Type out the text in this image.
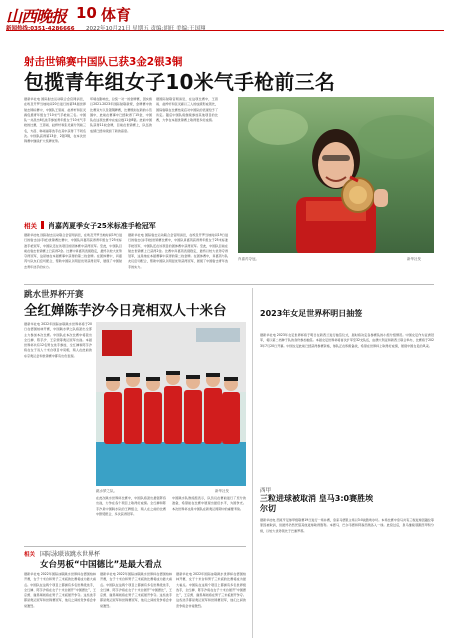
山西晚报 10 体育
新闻热线:0351-4286666 2022年10月21日 星期五 责编:胡旺 美编:王国翔
射击世锦赛中国队已获3金2银3铜
包揽青年组女子10米气手枪前三名
据新华社电 国际射击运动联合会官网消息，在埃及开罗当地时间20日进行的第54届世界射击锦标赛中，中国队王思雨、赵梓轩和张灵霖包揽青年组女子10米气手枪前三名。中国队一共派出6名选手参加青年组女子10米气手枪的比赛，王思雨、赵梓轩和张灵霖分列前三名，方蓓、韩雨丽等选手在其中获得了不同名次。中国队获得第13金、2银3铜，在本次世锦赛中继续扩大奖牌优势。
环境在影响比，总统一对一的金牌赛，因实施以2021-2023年国际射联新规，金牌赛中的比赛双方以及银铜牌赛，比赛规则在新的小范围中，此前在赛事中已经取得了15金，中国队在这项比赛中完成总数11金8银。此前中国队获得11枚金牌，目前在世锦赛上，队伍的成绩已经持续到了新的高度。
据国际射联官网消息，在这项比赛中，王思雨、赵梓轩和张灵霖以三人的成绩形成领先，国际射联在比赛结束后对中国队的表现给予了肯定。随后中国队将继续参加其他项目的比赛，力争在本届世锦赛上取得更多好成绩。
肖嘉芮夺冠。	新华社发
相关 肖嘉芮夏季女子25米标准手枪冠军
据新华社电 国际射击运动联合会官网消息，在埃及开罗当地时间19日进行的射击(步手枪)世锦赛比赛中，中国队肖嘉芮获得青年组女子25米标准手枪冠军，中国队还在该项目的团体赛中获得冠军。至此，中国队目前在射击世锦赛上已获得2金。比赛中肖嘉芮表现稳定，最终以较大优势夺得冠军，这是她在本届赛事中获得的第二枚金牌。在团体赛中，肖嘉芮与队友们密切配合，帮助中国队以明显优势获得冠军，展现了中国射击青年选手的实力。
据新华社电 国际射击运动联合会官网消息，在埃及开罗当地时间19日进行的射击(步手枪)世锦赛比赛中，中国队肖嘉芮获得青年组女子25米标准手枪冠军，中国队还在该项目的团体赛中获得冠军。至此，中国队目前在射击世锦赛上已获得2金。比赛中肖嘉芮表现稳定，最终以较大优势夺得冠军，这是她在本届赛事中获得的第二枚金牌。在团体赛中，肖嘉芮与队友们密切配合，帮助中国队以明显优势获得冠军，展现了中国射击青年选手的实力。
跳水世界杯开赛
全红婵陈芋汐今日亮相双人十米台
据新华社电 2022年国际泳联跳水世界杯将于20日在德国柏林开赛，中国跳水梦之队将派出全部主力参加本次比赛。中国队在本次比赛中将派出全红婵、陈芋汐、王宗源等奥运冠军出战。本届世界杯共有12名男女选手参加，全红婵和陈芋汐将在女子双人十米台项目中亮相，两人在此前的东京奥运会和世锦赛中都有出色表现。
跳水梦之队。	新华社发
在此次跳水世界杯比赛中，中国队将派出最强阵容出战，力争在各个项目上取得好成绩。全红婵和陈芋汐是中国跳水队的王牌组合，两人在之前的比赛中默契配合，多次获得冠军。
中国跳水队教练组表示，队员们在赛前进行了充分的准备，希望能在比赛中展现出最佳水平，为国争光。本次世界杯也是中国队在新奥运周期中的重要考验。
相关 国际泳联该跳水世界杯
女台男板“中国德比”是最大看点
据新华社电 2022年国际泳联跳水世界杯在德国柏林开赛，女子十米台和男子三米板的比赛将成为最大看点。中国队在这两个项目上都拥有多名世界级选手，全红婵、陈芋汐将在女子十米台展开“中国德比”，王宗源、谢思埸则将在男子三米板展开争夺。这些选手都是奥运冠军和世锦赛冠军，他们之间的竞争将会非常激烈。
据新华社电 2022年国际泳联跳水世界杯在德国柏林开赛，女子十米台和男子三米板的比赛将成为最大看点。中国队在这两个项目上都拥有多名世界级选手，全红婵、陈芋汐将在女子十米台展开“中国德比”，王宗源、谢思埸则将在男子三米板展开争夺。这些选手都是奥运冠军和世锦赛冠军，他们之间的竞争将会非常激烈。
据新华社电 2022年国际泳联跳水世界杯在德国柏林开赛，女子十米台和男子三米板的比赛将成为最大看点。中国队在这两个项目上都拥有多名世界级选手，全红婵、陈芋汐将在女子十米台展开“中国德比”，王宗源、谢思埸则将在男子三米板展开争夺。这些选手都是奥运冠军和世锦赛冠军，他们之间的竞争将会非常激烈。
2023年女足世界杯明日抽签
据新华社电 2023年女足世界杯将于明日在新西兰进行抽签仪式，届时将决定各参赛队的小组分组情况。中国女足作为亚洲冠军，将以第二档种子队的身份参加抽签。本届女足世界杯将首次扩军至32支队伍，由澳大利亚和新西兰联合举办，比赛将于2023年7月20日开幕。中国女足此前已经获得参赛资格，球队正在积极备战，希望在世界杯上取得好成绩，展现中国女足的风采。
西甲
三粒进球被取消 皇马3:0赛胜埃尔切
据新华社电 西班牙足球甲级联赛19日进行一场补赛，皇家马德里主场以3:0战胜埃尔切。本场比赛中皇马共有三粒进球因越位等原因被取消，但最终仍然凭借其他进球取得胜利。本德马、巴尔韦德和阿森西奥各入一球。此役过后，皇马继续领跑西甲积分榜，以较大优势领先于巴塞罗那。
